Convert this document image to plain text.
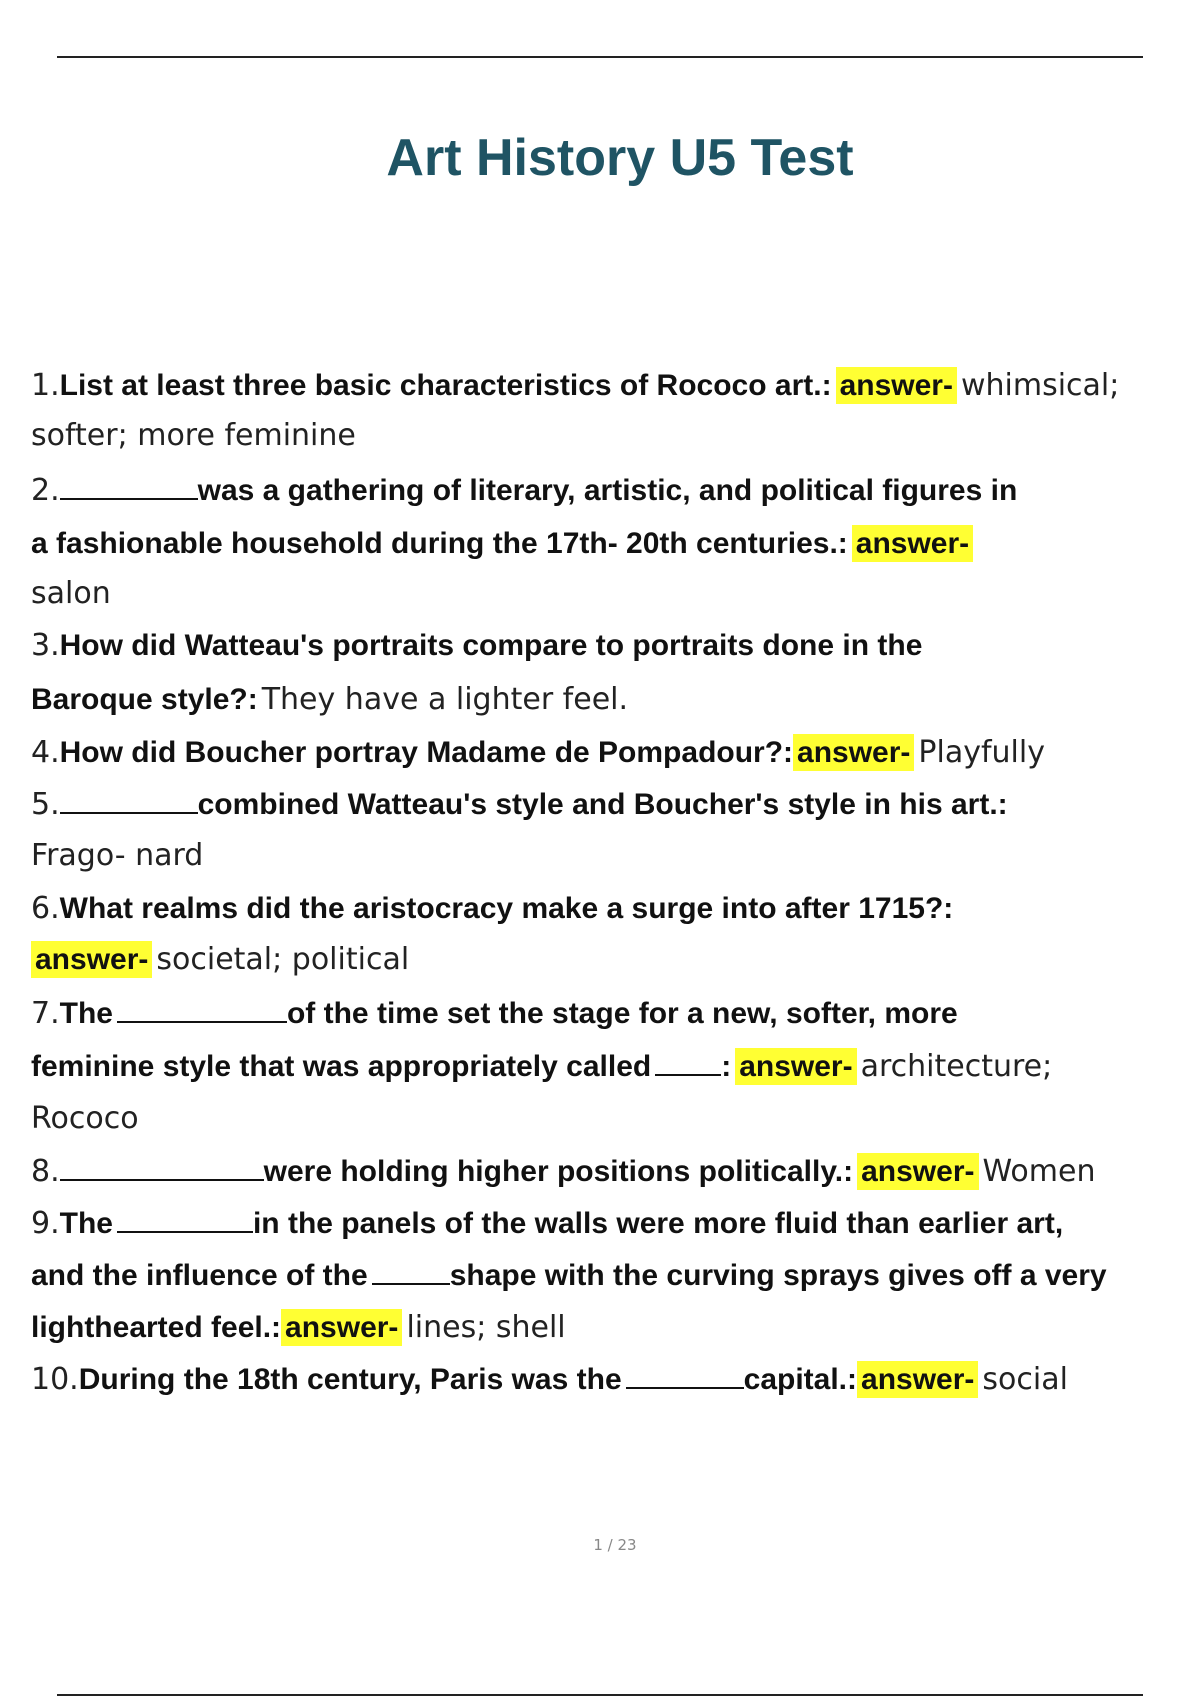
Art History U5 Test
1.List at least three basic characteristics of Rococo art.: answer- whimsical;
softer; more feminine
2.	was a gathering of literary, artistic, and political figures in
a fashionable household during the 17th- 20th centuries.: answer-
salon
3.How did Watteau's portraits compare to portraits done in the
Baroque style?: They have a lighter feel.
4.How did Boucher portray Madame de Pompadour?: answer- Playfully
5.	combined Watteau's style and Boucher's style in his art.:
Frago- nard
6.What realms did the aristocracy make a surge into after 1715?:
answer- societal; political
7.The	of the time set the stage for a new, softer, more
feminine style that was appropriately called : answer- architecture;
Rococo
8.	were holding higher positions politically.: answer- Women
9.The	in the panels of the walls were more fluid than earlier art,
and the influence of the	shape with the curving sprays gives off a very
lighthearted feel.: answer- lines; shell
10.During the 18th century, Paris was the	capital.: answer- social
1 / 23
